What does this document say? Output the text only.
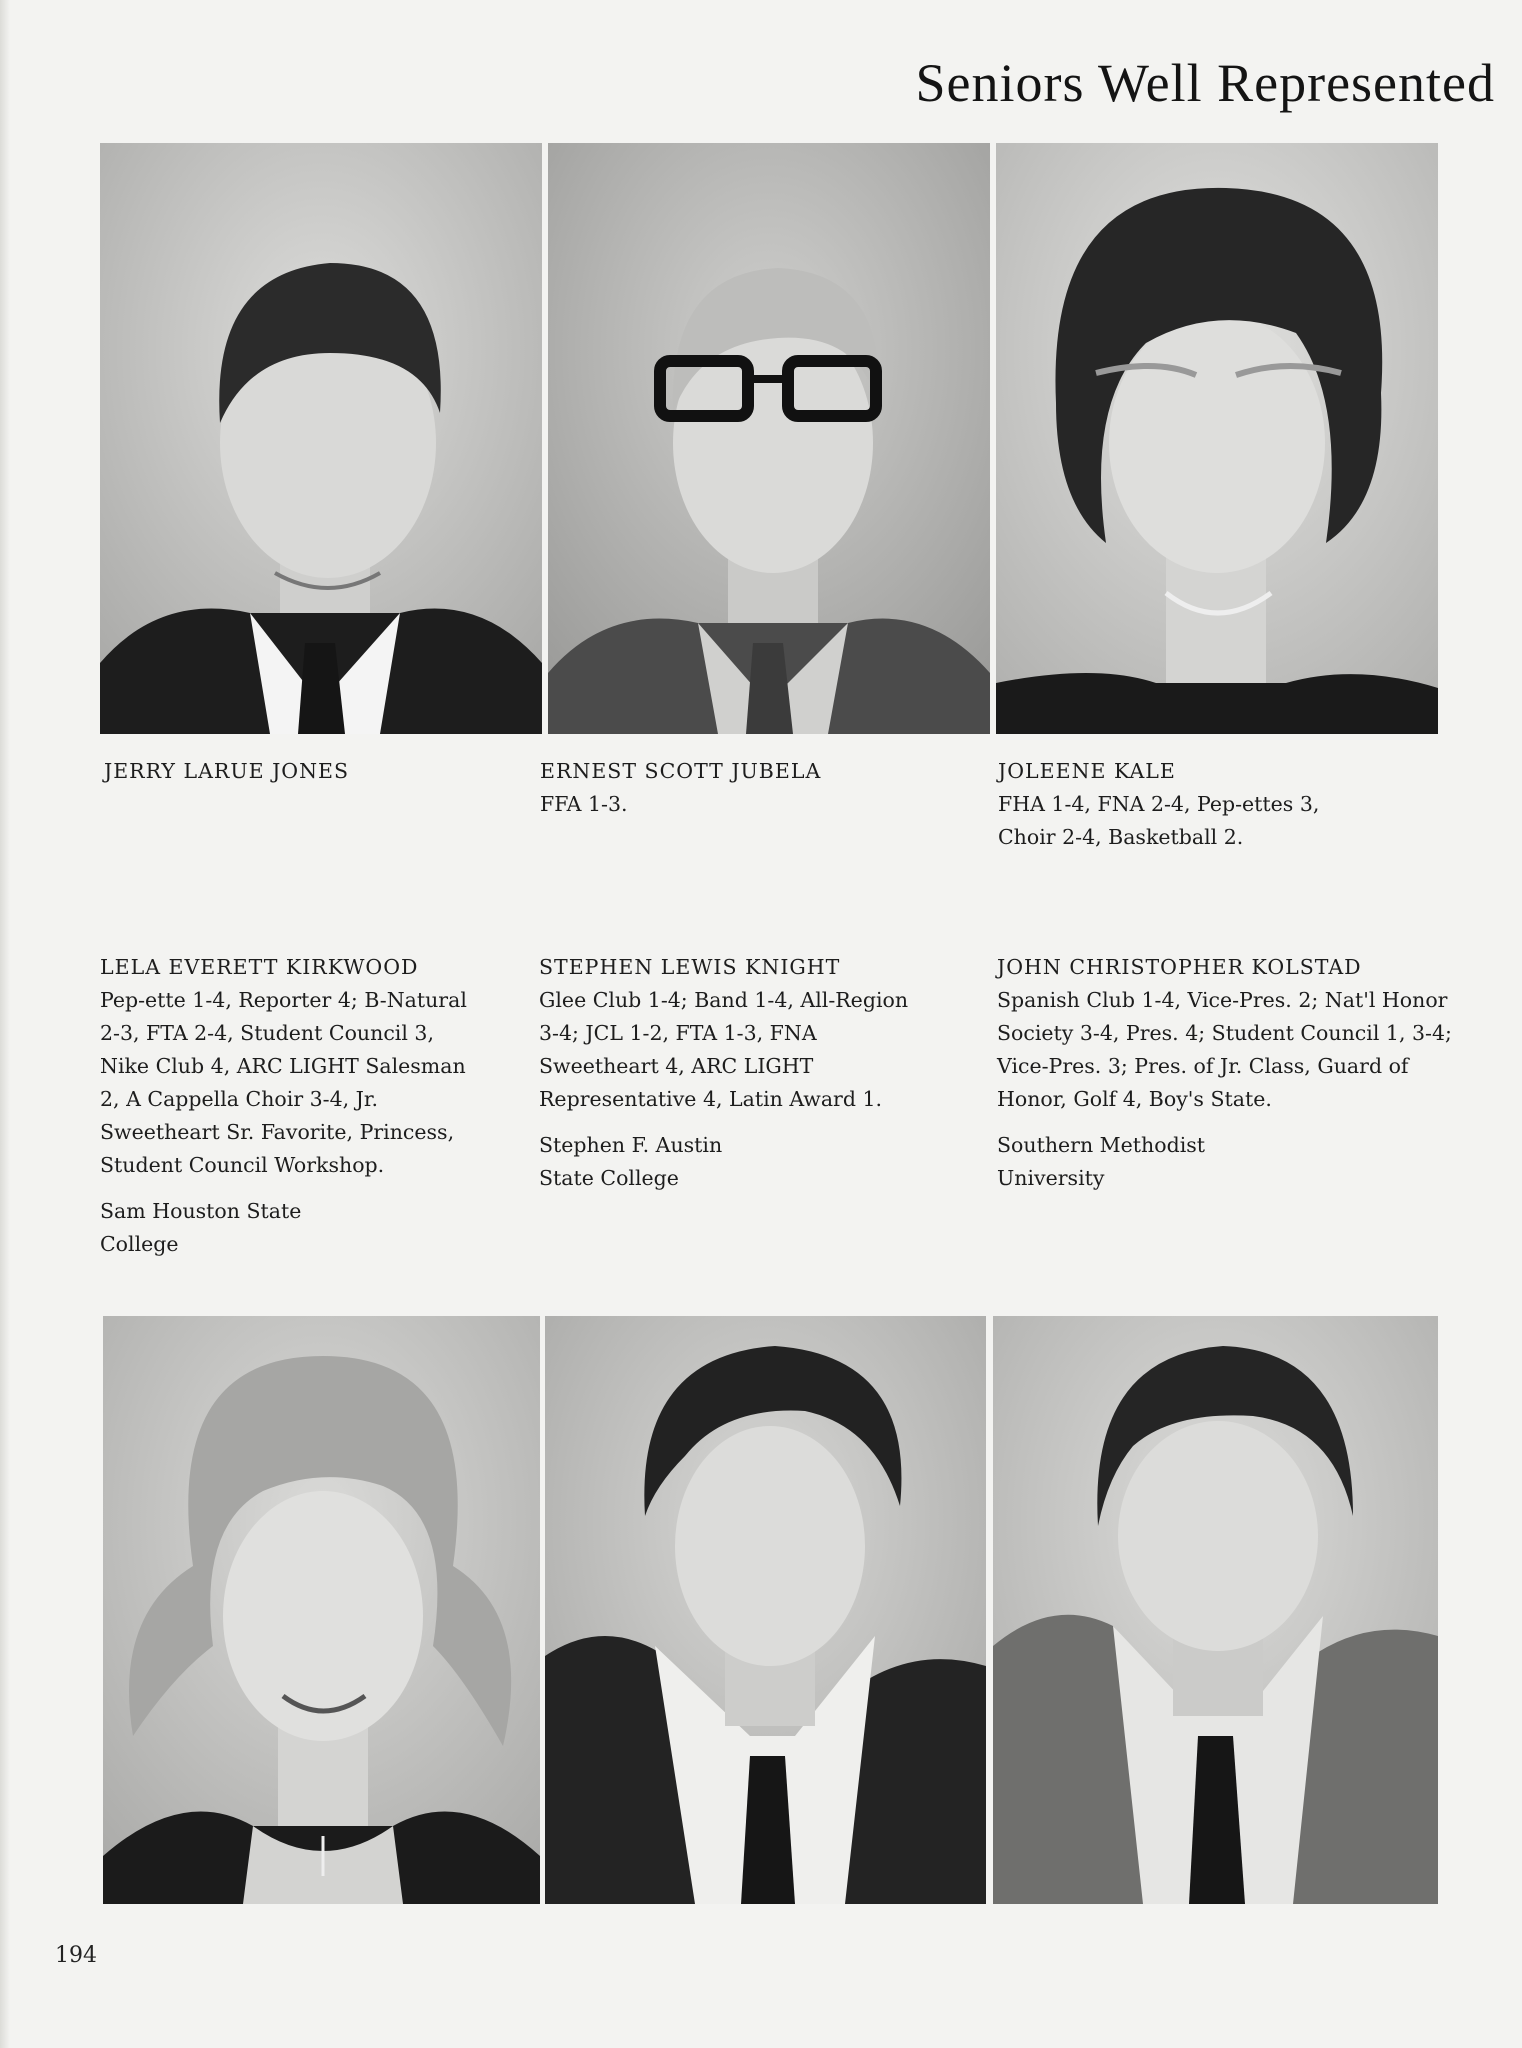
Seniors Well Represented
JERRY LARUE JONES	ERNEST SCOTT JUBELA
FFA 1-3.
JOLEENE KALE
FHA 1-4, FNA 2-4, Pep-ettes 3, Choir 2-4, Basketball 2.
LELA EVERETT KIRKWOOD
Pep-ette 1-4, Reporter 4; B-Natural 2-3, FTA 2-4, Student Council 3, Nike Club 4, ARC LIGHT Salesman 2, A Cappella Choir 3-4, Jr. Sweetheart Sr. Favorite, Princess, Student Council Workshop.
Sam Houston State College
STEPHEN LEWIS KNIGHT
Glee Club 1-4; Band 1-4, All-Region 3-4; JCL 1-2, FTA 1-3, FNA Sweetheart 4, ARC LIGHT Representative 4, Latin Award 1.
Stephen F. Austin State College
JOHN CHRISTOPHER KOLSTAD
Spanish Club 1-4, Vice-Pres. 2; Nat'l Honor Society 3-4, Pres. 4; Student Council 1, 3-4; Vice-Pres. 3; Pres. of Jr. Class, Guard of Honor, Golf 4, Boy's State.
Southern Methodist University
194
